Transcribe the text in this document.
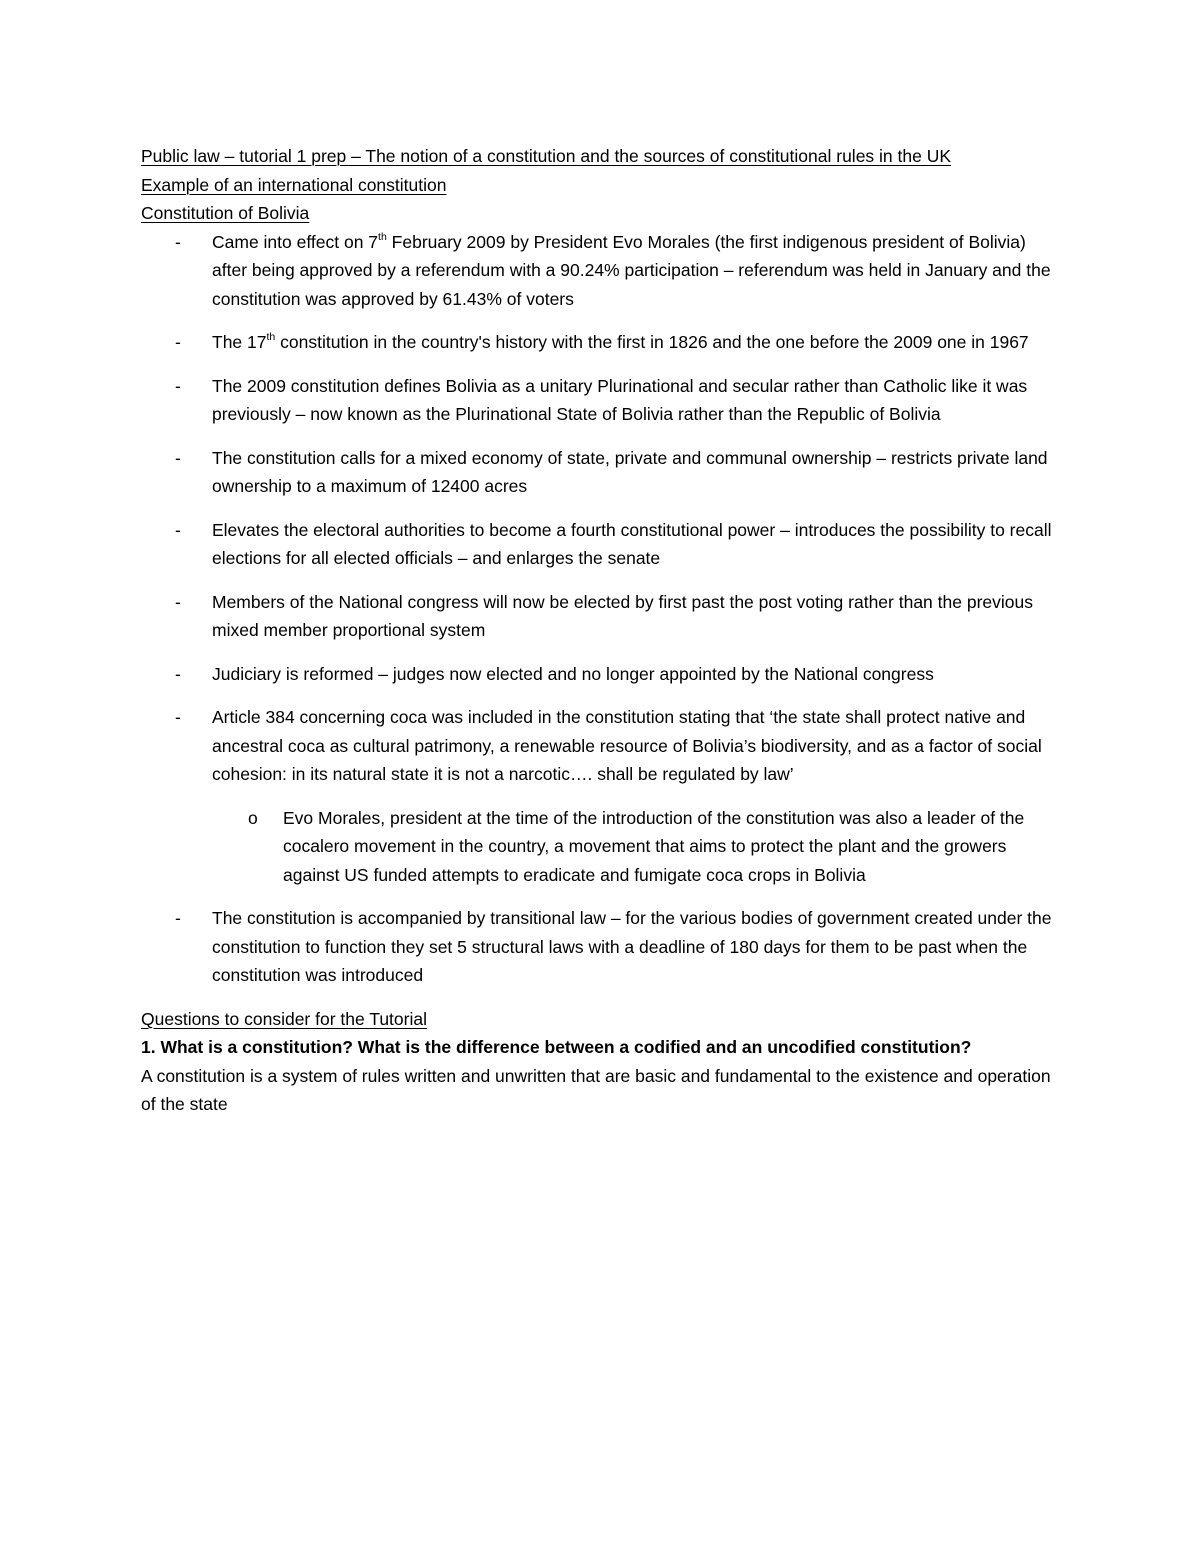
Public law – tutorial 1 prep – The notion of a constitution and the sources of constitutional rules in the UK

Example of an international constitution

Constitution of Bolivia

- Came into effect on 7th February 2009 by President Evo Morales (the first indigenous president of Bolivia) after being approved by a referendum with a 90.24% participation – referendum was held in January and the constitution was approved by 61.43% of voters
- The 17th constitution in the country's history with the first in 1826 and the one before the 2009 one in 1967
- The 2009 constitution defines Bolivia as a unitary Plurinational and secular rather than Catholic like it was previously – now known as the Plurinational State of Bolivia rather than the Republic of Bolivia
- The constitution calls for a mixed economy of state, private and communal ownership – restricts private land ownership to a maximum of 12400 acres
- Elevates the electoral authorities to become a fourth constitutional power – introduces the possibility to recall elections for all elected officials – and enlarges the senate
- Members of the National congress will now be elected by first past the post voting rather than the previous mixed member proportional system
- Judiciary is reformed – judges now elected and no longer appointed by the National congress
- Article 384 concerning coca was included in the constitution stating that ‘the state shall protect native and ancestral coca as cultural patrimony, a renewable resource of Bolivia’s biodiversity, and as a factor of social cohesion: in its natural state it is not a narcotic…. shall be regulated by law’
o Evo Morales, president at the time of the introduction of the constitution was also a leader of the cocalero movement in the country, a movement that aims to protect the plant and the growers against US funded attempts to eradicate and fumigate coca crops in Bolivia
- The constitution is accompanied by transitional law – for the various bodies of government created under the constitution to function they set 5 structural laws with a deadline of 180 days for them to be past when the constitution was introduced

Questions to consider for the Tutorial

1. What is a constitution? What is the difference between a codified and an uncodified constitution?

A constitution is a system of rules written and unwritten that are basic and fundamental to the existence and operation of the state
